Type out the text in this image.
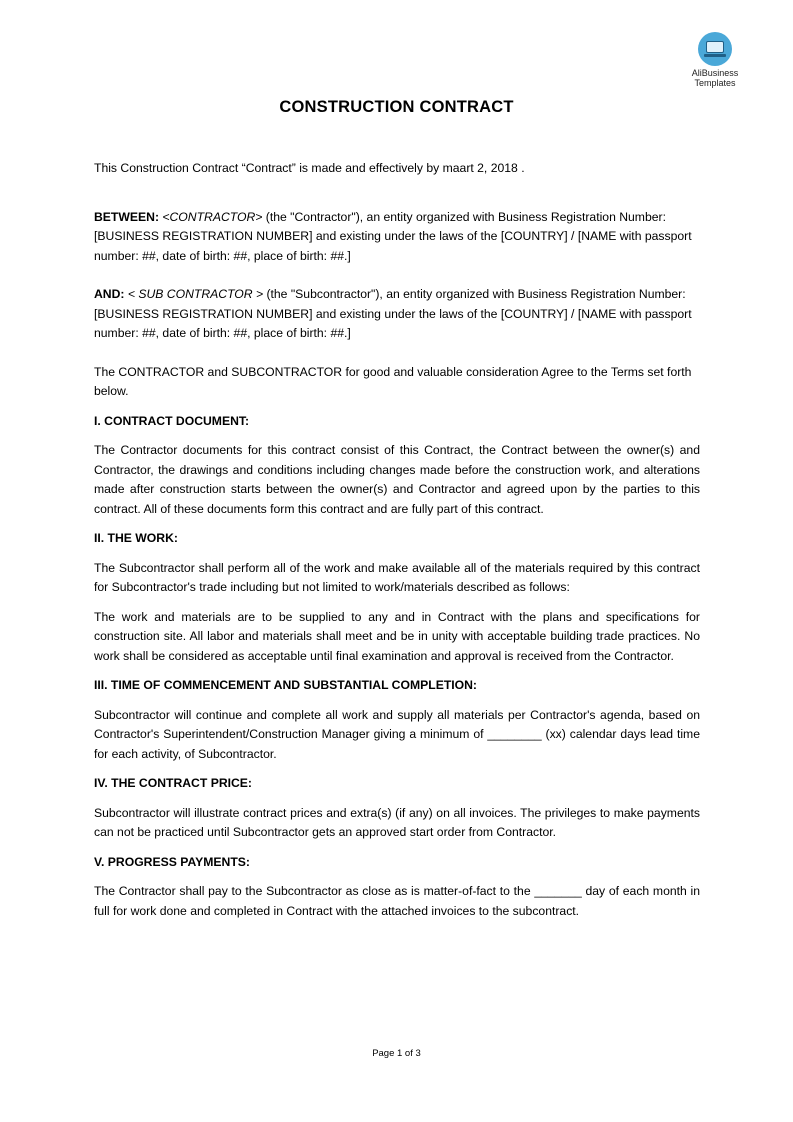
AliBusiness
Templates
CONSTRUCTION CONTRACT

This Construction Contract “Contract” is made and effectively by maart 2, 2018 .

BETWEEN: <CONTRACTOR> (the "Contractor"), an entity organized with Business Registration Number: [BUSINESS REGISTRATION NUMBER] and existing under the laws of the [COUNTRY] / [NAME with passport number: ##, date of birth: ##, place of birth: ##.]

AND: < SUB CONTRACTOR > (the "Subcontractor"), an entity organized with Business Registration Number: [BUSINESS REGISTRATION NUMBER] and existing under the laws of the [COUNTRY] / [NAME with passport number: ##, date of birth: ##, place of birth: ##.]

The CONTRACTOR and SUBCONTRACTOR for good and valuable consideration Agree to the Terms set forth below.

I. CONTRACT DOCUMENT:

The Contractor documents for this contract consist of this Contract, the Contract between the owner(s) and Contractor, the drawings and conditions including changes made before the construction work, and alterations made after construction starts between the owner(s) and Contractor and agreed upon by the parties to this contract. All of these documents form this contract and are fully part of this contract.

II. THE WORK:

The Subcontractor shall perform all of the work and make available all of the materials required by this contract for Subcontractor's trade including but not limited to work/materials described as follows:

The work and materials are to be supplied to any and in Contract with the plans and specifications for construction site. All labor and materials shall meet and be in unity with acceptable building trade practices. No work shall be considered as acceptable until final examination and approval is received from the Contractor.

III. TIME OF COMMENCEMENT AND SUBSTANTIAL COMPLETION:

Subcontractor will continue and complete all work and supply all materials per Contractor's agenda, based on Contractor's Superintendent/Construction Manager giving a minimum of ________ (xx) calendar days lead time for each activity, of Subcontractor.

IV. THE CONTRACT PRICE:

Subcontractor will illustrate contract prices and extra(s) (if any) on all invoices. The privileges to make payments can not be practiced until Subcontractor gets an approved start order from Contractor.

V. PROGRESS PAYMENTS:

The Contractor shall pay to the Subcontractor as close as is matter-of-fact to the _______ day of each month in full for work done and completed in Contract with the attached invoices to the subcontract.

Page 1 of 3
